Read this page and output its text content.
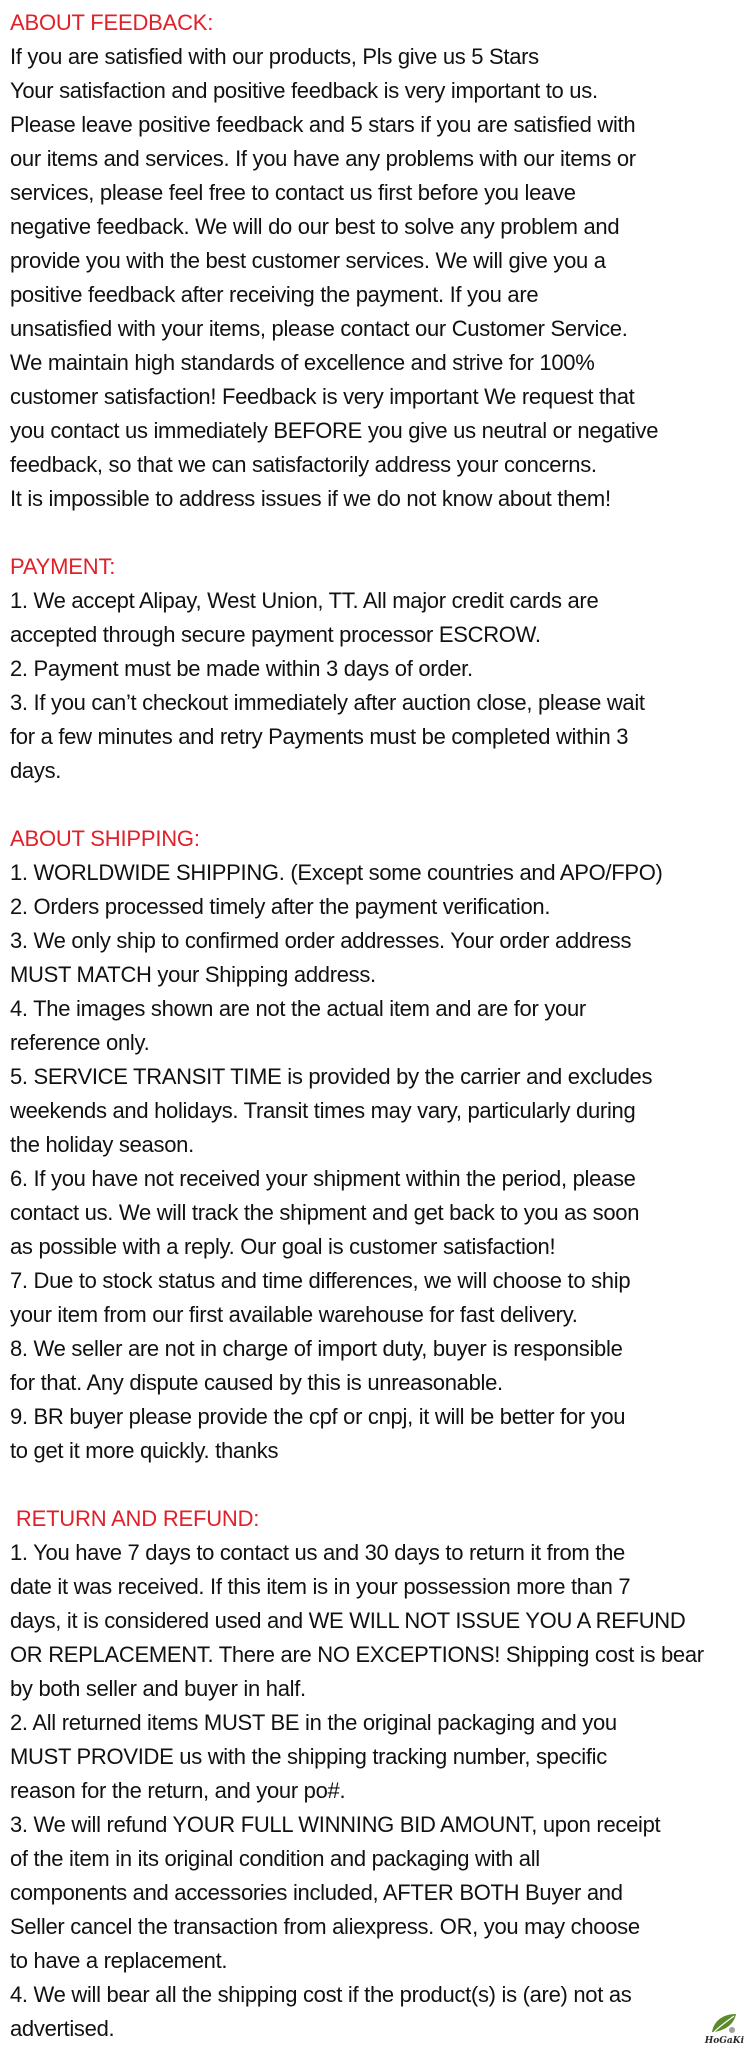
ABOUT FEEDBACK:

If you are satisfied with our products, Pls give us 5 Stars

Your satisfaction and positive feedback is very important to us.

Please leave positive feedback and 5 stars if you are satisfied with

our items and services. If you have any problems with our items or

services, please feel free to contact us first before you leave

negative feedback. We will do our best to solve any problem and

provide you with the best customer services. We will give you a

positive feedback after receiving the payment. If you are

unsatisfied with your items, please contact our Customer Service.

We maintain high standards of excellence and strive for 100%

customer satisfaction! Feedback is very important We request that

you contact us immediately BEFORE you give us neutral or negative

feedback, so that we can satisfactorily address your concerns.

It is impossible to address issues if we do not know about them!

PAYMENT:

1. We accept Alipay, West Union, TT. All major credit cards are

accepted through secure payment processor ESCROW.

2. Payment must be made within 3 days of order.

3. If you can’t checkout immediately after auction close, please wait

for a few minutes and retry Payments must be completed within 3

days.

ABOUT SHIPPING:

1. WORLDWIDE SHIPPING. (Except some countries and APO/FPO)

2. Orders processed timely after the payment verification.

3. We only ship to confirmed order addresses. Your order address

MUST MATCH your Shipping address.

4. The images shown are not the actual item and are for your

reference only.

5. SERVICE TRANSIT TIME is provided by the carrier and excludes

weekends and holidays. Transit times may vary, particularly during

the holiday season.

6. If you have not received your shipment within the period, please

contact us. We will track the shipment and get back to you as soon

as possible with a reply. Our goal is customer satisfaction!

7. Due to stock status and time differences, we will choose to ship

your item from our first available warehouse for fast delivery.

8. We seller are not in charge of import duty, buyer is responsible

for that. Any dispute caused by this is unreasonable.

9. BR buyer please provide the cpf or cnpj, it will be better for you

to get it more quickly. thanks

RETURN AND REFUND:

1. You have 7 days to contact us and 30 days to return it from the

date it was received. If this item is in your possession more than 7

days, it is considered used and WE WILL NOT ISSUE YOU A REFUND

OR REPLACEMENT. There are NO EXCEPTIONS! Shipping cost is bear

by both seller and buyer in half.

2. All returned items MUST BE in the original packaging and you

MUST PROVIDE us with the shipping tracking number, specific

reason for the return, and your po#.

3. We will refund YOUR FULL WINNING BID AMOUNT, upon receipt

of the item in its original condition and packaging with all

components and accessories included, AFTER BOTH Buyer and

Seller cancel the transaction from aliexpress. OR, you may choose

to have a replacement.

4. We will bear all the shipping cost if the product(s) is (are) not as

advertised.	HoGaKi
